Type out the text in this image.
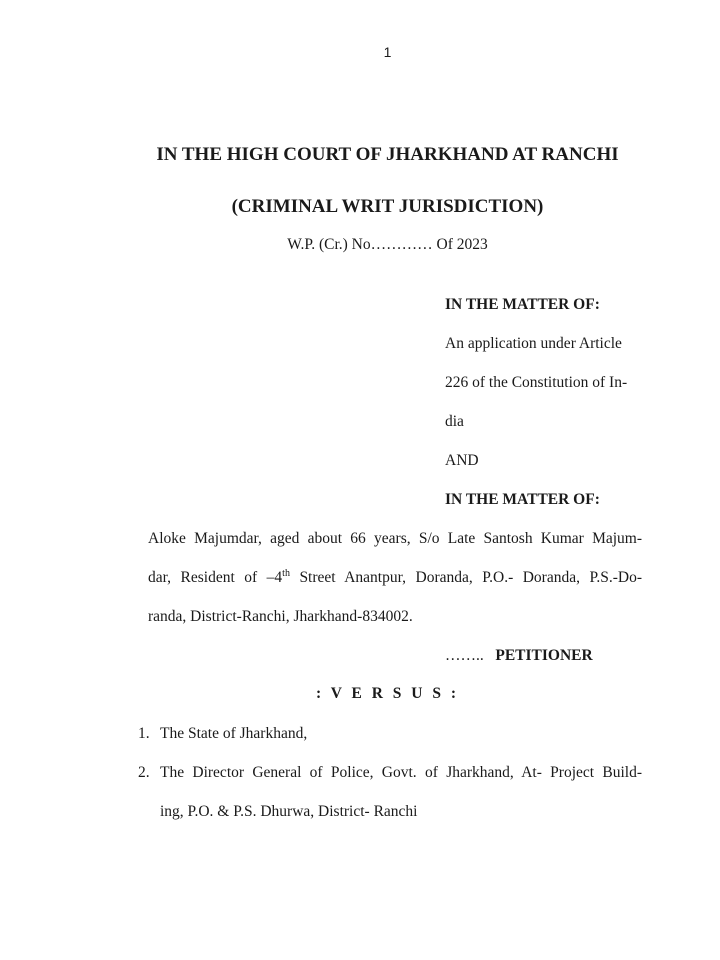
1
IN THE HIGH COURT OF JHARKHAND AT RANCHI
(CRIMINAL WRIT JURISDICTION)
W.P. (Cr.) No………… Of 2023
IN THE MATTER OF:
An application under Article
226 of the Constitution of In-
dia
AND
IN THE MATTER OF:
Aloke Majumdar, aged about 66 years, S/o Late Santosh Kumar Majum-
dar, Resident of –4th Street Anantpur, Doranda, P.O.- Doranda, P.S.-Do-
randa, District-Ranchi, Jharkhand-834002.
…….. PETITIONER
: V E R S U S :
1. The State of Jharkhand,
2. The Director General of Police, Govt. of Jharkhand, At- Project Build-
ing, P.O. & P.S. Dhurwa, District- Ranchi
